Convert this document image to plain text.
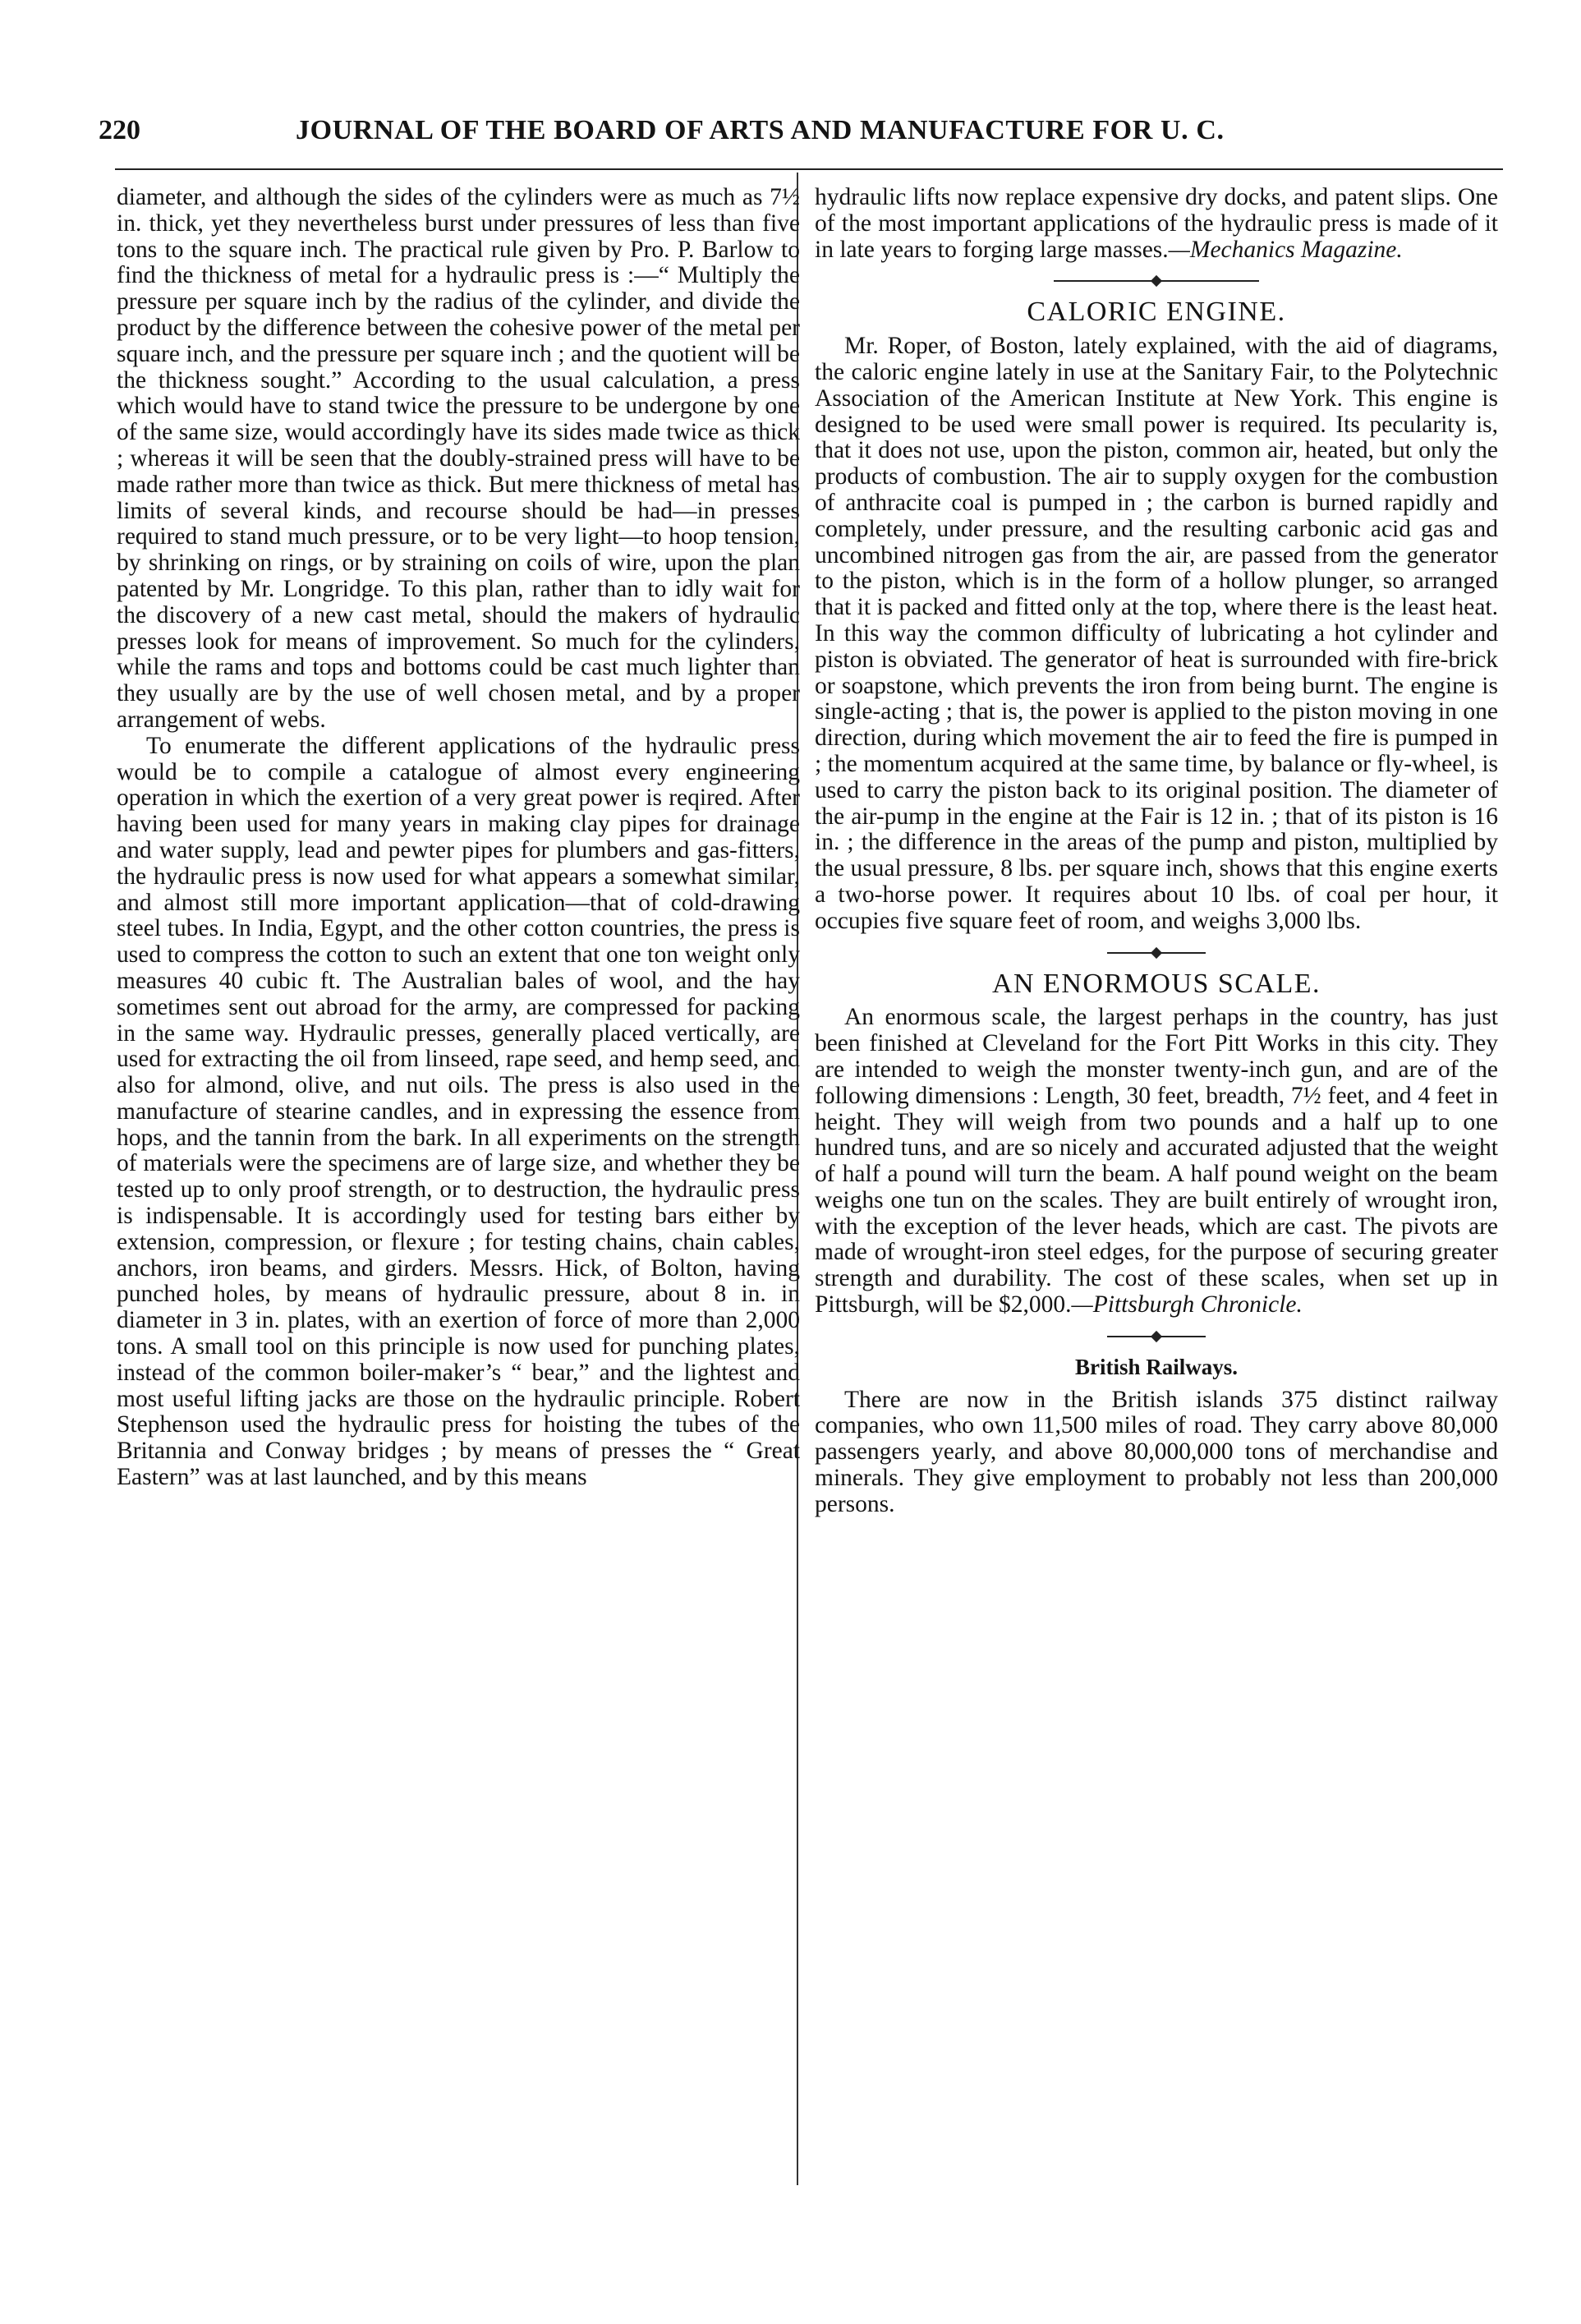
220	JOURNAL OF THE BOARD OF ARTS AND MANUFACTURE FOR U. C.

diameter, and although the sides of the cylinders were as much as 7½ in. thick, yet they nevertheless burst under pressures of less than five tons to the square inch. The practical rule given by Pro. P. Barlow to find the thickness of metal for a hydraulic press is :—“ Multiply the pressure per square inch by the radius of the cylinder, and divide the product by the difference between the cohesive power of the metal per square inch, and the pressure per square inch ; and the quotient will be the thickness sought.” According to the usual calculation, a press which would have to stand twice the pressure to be undergone by one of the same size, would accordingly have its sides made twice as thick ; whereas it will be seen that the doubly-strained press will have to be made rather more than twice as thick. But mere thickness of metal has limits of several kinds, and recourse should be had—in presses required to stand much pressure, or to be very light—to hoop tension, by shrinking on rings, or by straining on coils of wire, upon the plan patented by Mr. Longridge. To this plan, rather than to idly wait for the discovery of a new cast metal, should the makers of hydraulic presses look for means of improvement. So much for the cylinders, while the rams and tops and bottoms could be cast much lighter than they usually are by the use of well chosen metal, and by a proper arrangement of webs.

To enumerate the different applications of the hydraulic press would be to compile a catalogue of almost every engineering operation in which the exertion of a very great power is reqired. After having been used for many years in making clay pipes for drainage and water supply, lead and pewter pipes for plumbers and gas-fitters, the hydraulic press is now used for what appears a somewhat similar, and almost still more important application—that of cold-drawing steel tubes. In India, Egypt, and the other cotton countries, the press is used to compress the cotton to such an extent that one ton weight only measures 40 cubic ft. The Australian bales of wool, and the hay sometimes sent out abroad for the army, are compressed for packing in the same way. Hydraulic presses, generally placed vertically, are used for extracting the oil from linseed, rape seed, and hemp seed, and also for almond, olive, and nut oils. The press is also used in the manufacture of stearine candles, and in expressing the essence from hops, and the tannin from the bark. In all experiments on the strength of materials were the specimens are of large size, and whether they be tested up to only proof strength, or to destruction, the hydraulic press is indispensable. It is accordingly used for testing bars either by extension, compression, or flexure ; for testing chains, chain cables, anchors, iron beams, and girders. Messrs. Hick, of Bolton, having punched holes, by means of hydraulic pressure, about 8 in. in diameter in 3 in. plates, with an exertion of force of more than 2,000 tons. A small tool on this principle is now used for punching plates, instead of the common boiler-maker’s “ bear,” and the lightest and most useful lifting jacks are those on the hydraulic principle. Robert Stephenson used the hydraulic press for hoisting the tubes of the Britannia and Conway bridges ; by means of presses the “ Great Eastern” was at last launched, and by this means

hydraulic lifts now replace expensive dry docks, and patent slips. One of the most important applications of the hydraulic press is made of it in late years to forging large masses.—Mechanics Magazine.

CALORIC ENGINE.

Mr. Roper, of Boston, lately explained, with the aid of diagrams, the caloric engine lately in use at the Sanitary Fair, to the Polytechnic Association of the American Institute at New York. This engine is designed to be used were small power is required. Its pecularity is, that it does not use, upon the piston, common air, heated, but only the products of combustion. The air to supply oxygen for the combustion of anthracite coal is pumped in ; the carbon is burned rapidly and completely, under pressure, and the resulting carbonic acid gas and uncombined nitrogen gas from the air, are passed from the generator to the piston, which is in the form of a hollow plunger, so arranged that it is packed and fitted only at the top, where there is the least heat. In this way the common difficulty of lubricating a hot cylinder and piston is obviated. The generator of heat is surrounded with fire-brick or soapstone, which prevents the iron from being burnt. The engine is single-acting ; that is, the power is applied to the piston moving in one direction, during which movement the air to feed the fire is pumped in ; the momentum acquired at the same time, by balance or fly-wheel, is used to carry the piston back to its original position. The diameter of the air-pump in the engine at the Fair is 12 in. ; that of its piston is 16 in. ; the difference in the areas of the pump and piston, multiplied by the usual pressure, 8 lbs. per square inch, shows that this engine exerts a two-horse power. It requires about 10 lbs. of coal per hour, it occupies five square feet of room, and weighs 3,000 lbs.

AN ENORMOUS SCALE.

An enormous scale, the largest perhaps in the country, has just been finished at Cleveland for the Fort Pitt Works in this city. They are intended to weigh the monster twenty-inch gun, and are of the following dimensions : Length, 30 feet, breadth, 7½ feet, and 4 feet in height. They will weigh from two pounds and a half up to one hundred tuns, and are so nicely and accurated adjusted that the weight of half a pound will turn the beam. A half pound weight on the beam weighs one tun on the scales. They are built entirely of wrought iron, with the exception of the lever heads, which are cast. The pivots are made of wrought-iron steel edges, for the purpose of securing greater strength and durability. The cost of these scales, when set up in Pittsburgh, will be $2,000.—Pittsburgh Chronicle.

British Railways.

There are now in the British islands 375 distinct railway companies, who own 11,500 miles of road. They carry above 80,000 passengers yearly, and above 80,000,000 tons of merchandise and minerals. They give employment to probably not less than 200,000 persons.
